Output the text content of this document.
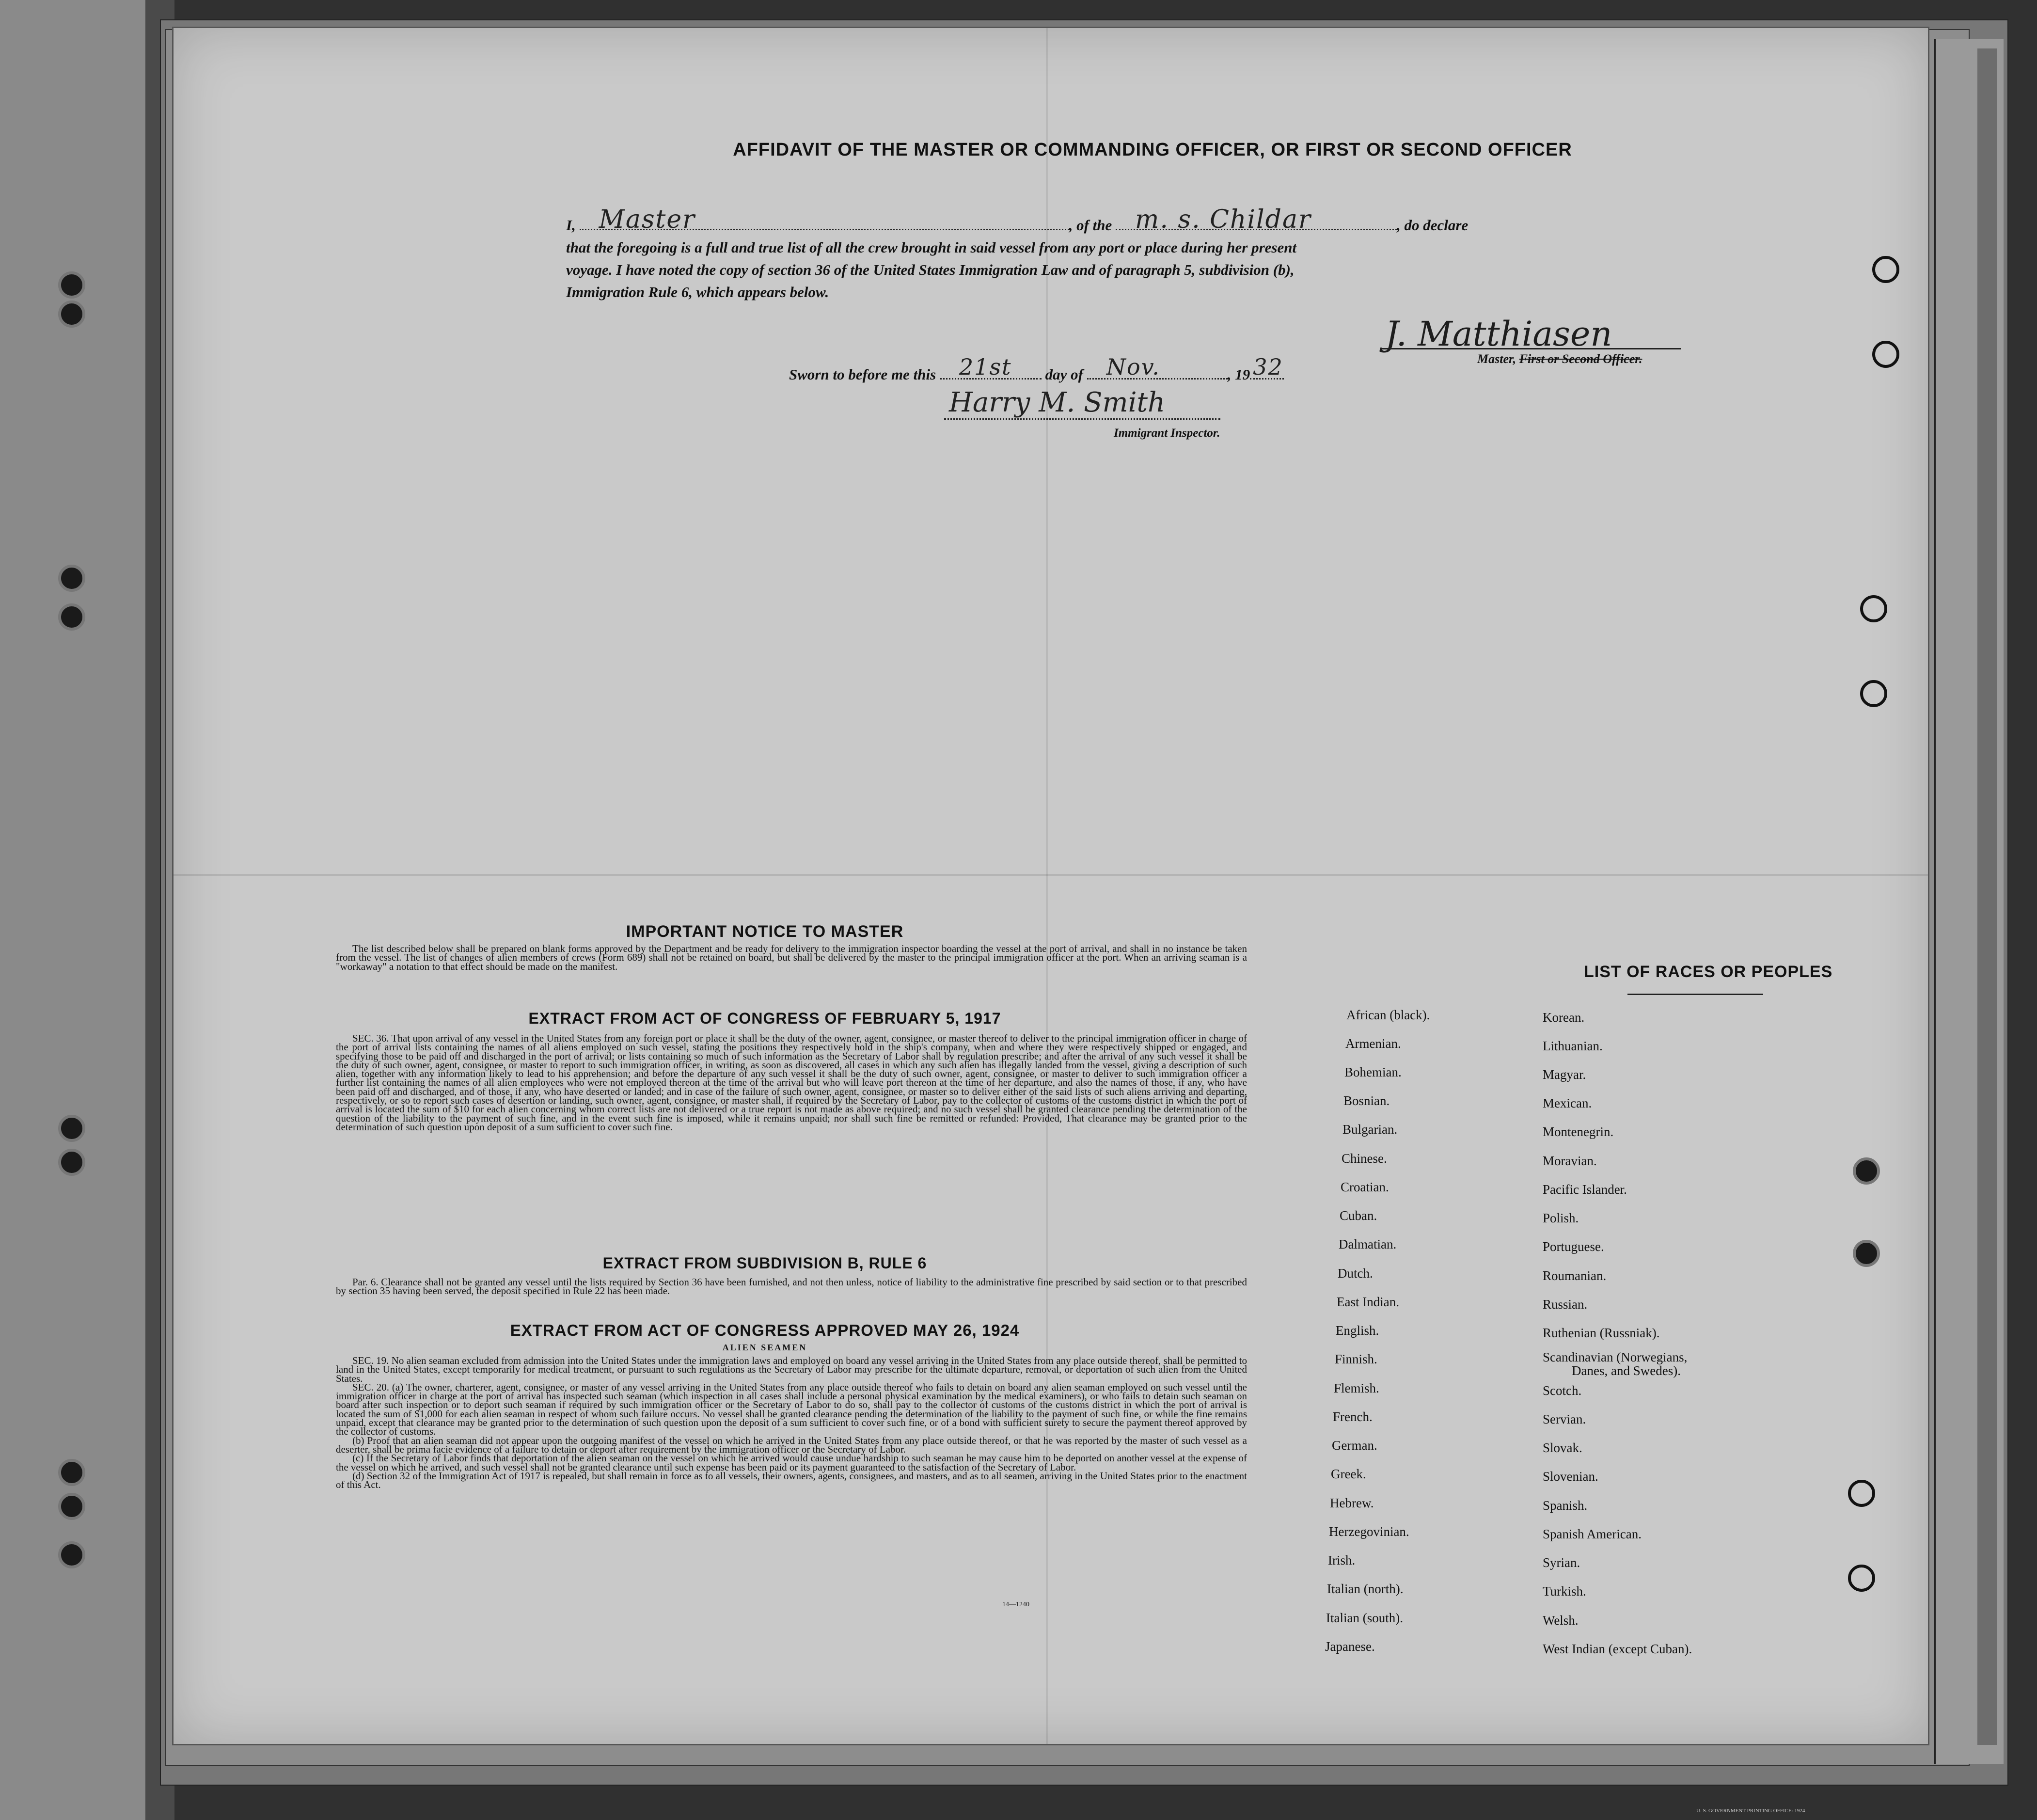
AFFIDAVIT OF THE MASTER OR COMMANDING OFFICER, OR FIRST OR SECOND OFFICER
I, Master	, of the m. s. Childar	, do declare
that the foregoing is a full and true list of all the crew brought in said vessel from any port or place during her present
voyage. I have noted the copy of section 36 of the United States Immigration Law and of paragraph 5, subdivision (b),
Immigration Rule 6, which appears below.
J. Matthiasen
Master, First or Second Officer.
Sworn to before me this 21st day of Nov.	, 19 32
Harry M. Smith
Immigrant Inspector.
IMPORTANT NOTICE TO MASTER
The list described below shall be prepared on blank forms approved by the Department and be ready for delivery to the immigration inspector boarding the vessel at the port of arrival, and shall in no instance be taken from the vessel. The list of changes of alien members of crews (Form 689) shall not be retained on board, but shall be delivered by the master to the principal immigration officer at the port. When an arriving seaman is a "workaway" a notation to that effect should be made on the manifest.
EXTRACT FROM ACT OF CONGRESS OF FEBRUARY 5, 1917
SEC. 36. That upon arrival of any vessel in the United States from any foreign port or place it shall be the duty of the owner, agent, consignee, or master thereof to deliver to the principal immigration officer in charge of the port of arrival lists containing the names of all aliens employed on such vessel, stating the positions they respectively hold in the ship's company, when and where they were respectively shipped or engaged, and specifying those to be paid off and discharged in the port of arrival; or lists containing so much of such information as the Secretary of Labor shall by regulation prescribe; and after the arrival of any such vessel it shall be the duty of such owner, agent, consignee, or master to report to such immigration officer, in writing, as soon as discovered, all cases in which any such alien has illegally landed from the vessel, giving a description of such alien, together with any information likely to lead to his apprehension; and before the departure of any such vessel it shall be the duty of such owner, agent, consignee, or master to deliver to such immigration officer a further list containing the names of all alien employees who were not employed thereon at the time of the arrival but who will leave port thereon at the time of her departure, and also the names of those, if any, who have been paid off and discharged, and of those, if any, who have deserted or landed; and in case of the failure of such owner, agent, consignee, or master so to deliver either of the said lists of such aliens arriving and departing, respectively, or so to report such cases of desertion or landing, such owner, agent, consignee, or master shall, if required by the Secretary of Labor, pay to the collector of customs of the customs district in which the port of arrival is located the sum of $10 for each alien concerning whom correct lists are not delivered or a true report is not made as above required; and no such vessel shall be granted clearance pending the determination of the question of the liability to the payment of such fine, and in the event such fine is imposed, while it remains unpaid; nor shall such fine be remitted or refunded: Provided, That clearance may be granted prior to the determination of such question upon deposit of a sum sufficient to cover such fine.
EXTRACT FROM SUBDIVISION B, RULE 6
Par. 6. Clearance shall not be granted any vessel until the lists required by Section 36 have been furnished, and not then unless, notice of liability to the administrative fine prescribed by said section or to that prescribed by section 35 having been served, the deposit specified in Rule 22 has been made.
EXTRACT FROM ACT OF CONGRESS APPROVED MAY 26, 1924
ALIEN SEAMEN
SEC. 19. No alien seaman excluded from admission into the United States under the immigration laws and employed on board any vessel arriving in the United States from any place outside thereof, shall be permitted to land in the United States, except temporarily for medical treatment, or pursuant to such regulations as the Secretary of Labor may prescribe for the ultimate departure, removal, or deportation of such alien from the United States.
SEC. 20. (a) The owner, charterer, agent, consignee, or master of any vessel arriving in the United States from any place outside thereof who fails to detain on board any alien seaman employed on such vessel until the immigration officer in charge at the port of arrival has inspected such seaman (which inspection in all cases shall include a personal physical examination by the medical examiners), or who fails to detain such seaman on board after such inspection or to deport such seaman if required by such immigration officer or the Secretary of Labor to do so, shall pay to the collector of customs of the customs district in which the port of arrival is located the sum of $1,000 for each alien seaman in respect of whom such failure occurs. No vessel shall be granted clearance pending the determination of the liability to the payment of such fine, or while the fine remains unpaid, except that clearance may be granted prior to the determination of such question upon the deposit of a sum sufficient to cover such fine, or of a bond with sufficient surety to secure the payment thereof approved by the collector of customs.
(b) Proof that an alien seaman did not appear upon the outgoing manifest of the vessel on which he arrived in the United States from any place outside thereof, or that he was reported by the master of such vessel as a deserter, shall be prima facie evidence of a failure to detain or deport after requirement by the immigration officer or the Secretary of Labor.
(c) If the Secretary of Labor finds that deportation of the alien seaman on the vessel on which he arrived would cause undue hardship to such seaman he may cause him to be deported on another vessel at the expense of the vessel on which he arrived, and such vessel shall not be granted clearance until such expense has been paid or its payment guaranteed to the satisfaction of the Secretary of Labor.
(d) Section 32 of the Immigration Act of 1917 is repealed, but shall remain in force as to all vessels, their owners, agents, consignees, and masters, and as to all seamen, arriving in the United States prior to the enactment of this Act.
14—1240
LIST OF RACES OR PEOPLES
African (black).
Armenian.
Bohemian.
Bosnian.
Bulgarian.
Chinese.
Croatian.
Cuban.
Dalmatian.
Dutch.
East Indian.
English.
Finnish.
Flemish.
French.
German.
Greek.
Hebrew.
Herzegovinian.
Irish.
Italian (north).
Italian (south).
Japanese.
Korean.
Lithuanian.
Magyar.
Mexican.
Montenegrin.
Moravian.
Pacific Islander.
Polish.
Portuguese.
Roumanian.
Russian.
Ruthenian (Russniak).
Scandinavian (Norwegians,
Danes, and Swedes).
Scotch.
Servian.
Slovak.
Slovenian.
Spanish.
Spanish American.
Syrian.
Turkish.
Welsh.
West Indian (except Cuban).
U. S. GOVERNMENT PRINTING OFFICE: 1924
